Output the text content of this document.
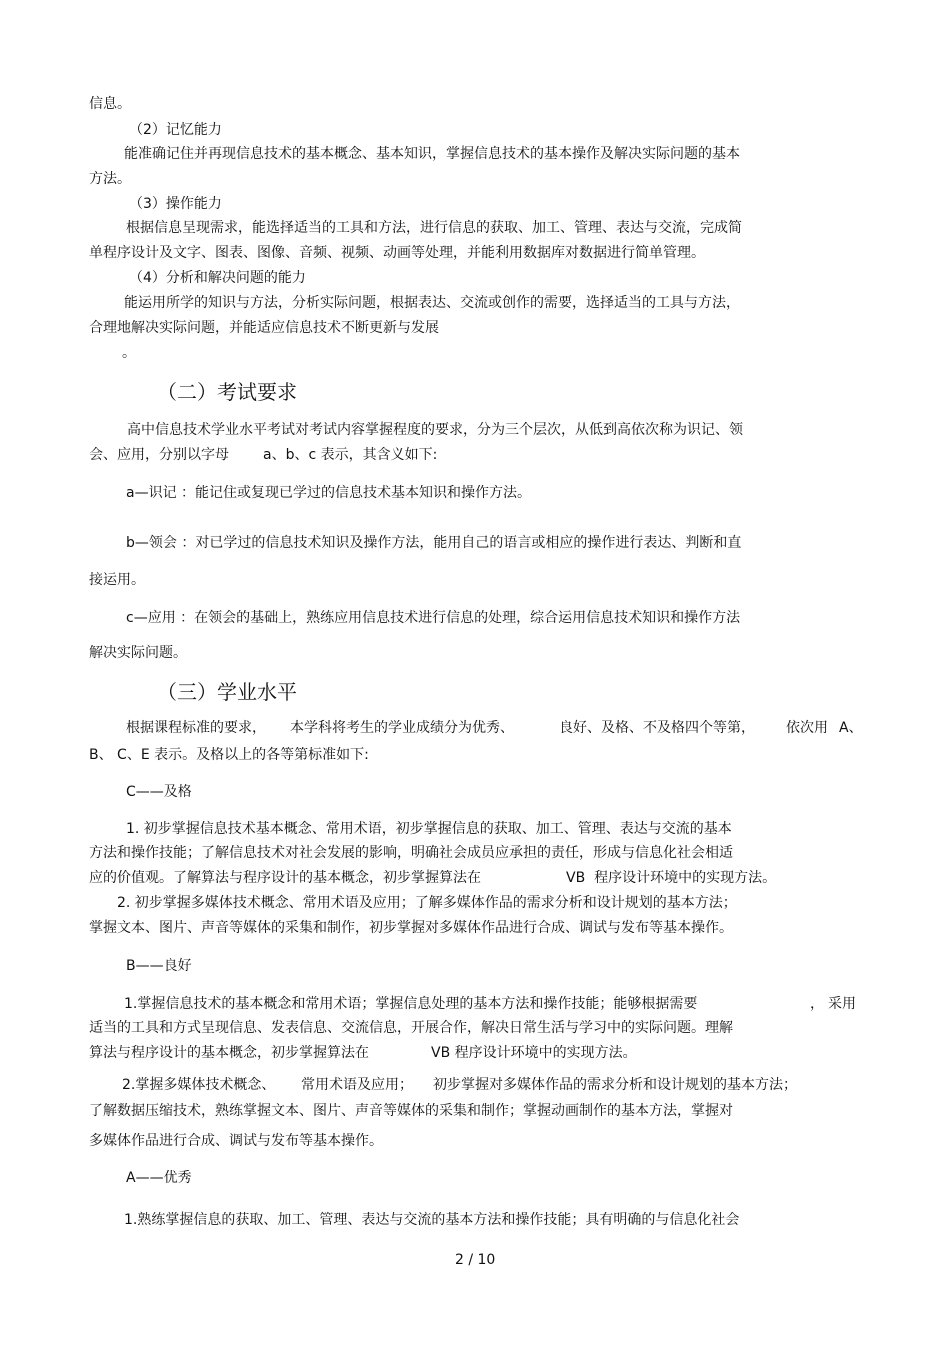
信息。
（2）记忆能力
能准确记住并再现信息技术的基本概念、基本知识，掌握信息技术的基本操作及解决实际问题的基本
方法。
（3）操作能力
根据信息呈现需求，能选择适当的工具和方法，进行信息的获取、加工、管理、表达与交流，完成简
单程序设计及文字、图表、图像、音频、视频、动画等处理，并能利用数据库对数据进行简单管理。
（4）分析和解决问题的能力
能运用所学的知识与方法，分析实际问题，根据表达、交流或创作的需要，选择适当的工具与方法，
合理地解决实际问题，并能适应信息技术不断更新与发展
。
（二）考试要求
高中信息技术学业水平考试对考试内容掌握程度的要求，分为三个层次，从低到高依次称为识记、领
会、应用，分别以字母 a、b、c 表示，其含义如下:
a—识记 ：能记住或复现已学过的信息技术基本知识和操作方法。
b—领会 ：对已学过的信息技术知识及操作方法，能用自己的语言或相应的操作进行表达、判断和直
接运用。
c—应用 ：在领会的基础上，熟练应用信息技术进行信息的处理，综合运用信息技术知识和操作方法
解决实际问题。
（三）学业水平
根据课程标准的要求， 本学科将考生的学业成绩分为优秀、	良好、及格、不及格四个等第， 依次用 A、
B、 C、E 表示。及格以上的各等第标准如下:
C——及格
1. 初步掌握信息技术基本概念、常用术语，初步掌握信息的获取、加工、管理、表达与交流的基本
方法和操作技能；了解信息技术对社会发展的影响，明确社会成员应承担的责任，形成与信息化社会相适
应的价值观。了解算法与程序设计的基本概念，初步掌握算法在	VB  程序设计环境中的实现方法。
2. 初步掌握多媒体技术概念、常用术语及应用；了解多媒体作品的需求分析和设计规划的基本方法；
掌握文本、图片、声音等媒体的采集和制作，初步掌握对多媒体作品进行合成、调试与发布等基本操作。
B——良好
1.掌握信息技术的基本概念和常用术语；掌握信息处理的基本方法和操作技能；能够根据需要	， 采用
适当的工具和方式呈现信息、发表信息、交流信息，开展合作，解决日常生活与学习中的实际问题。理解
算法与程序设计的基本概念，初步掌握算法在	VB 程序设计环境中的实现方法。
2.掌握多媒体技术概念、 常用术语及应用； 初步掌握对多媒体作品的需求分析和设计规划的基本方法；
了解数据压缩技术，熟练掌握文本、图片、声音等媒体的采集和制作；掌握动画制作的基本方法，掌握对
多媒体作品进行合成、调试与发布等基本操作。
A——优秀
1.熟练掌握信息的获取、加工、管理、表达与交流的基本方法和操作技能；具有明确的与信息化社会
2 / 10
